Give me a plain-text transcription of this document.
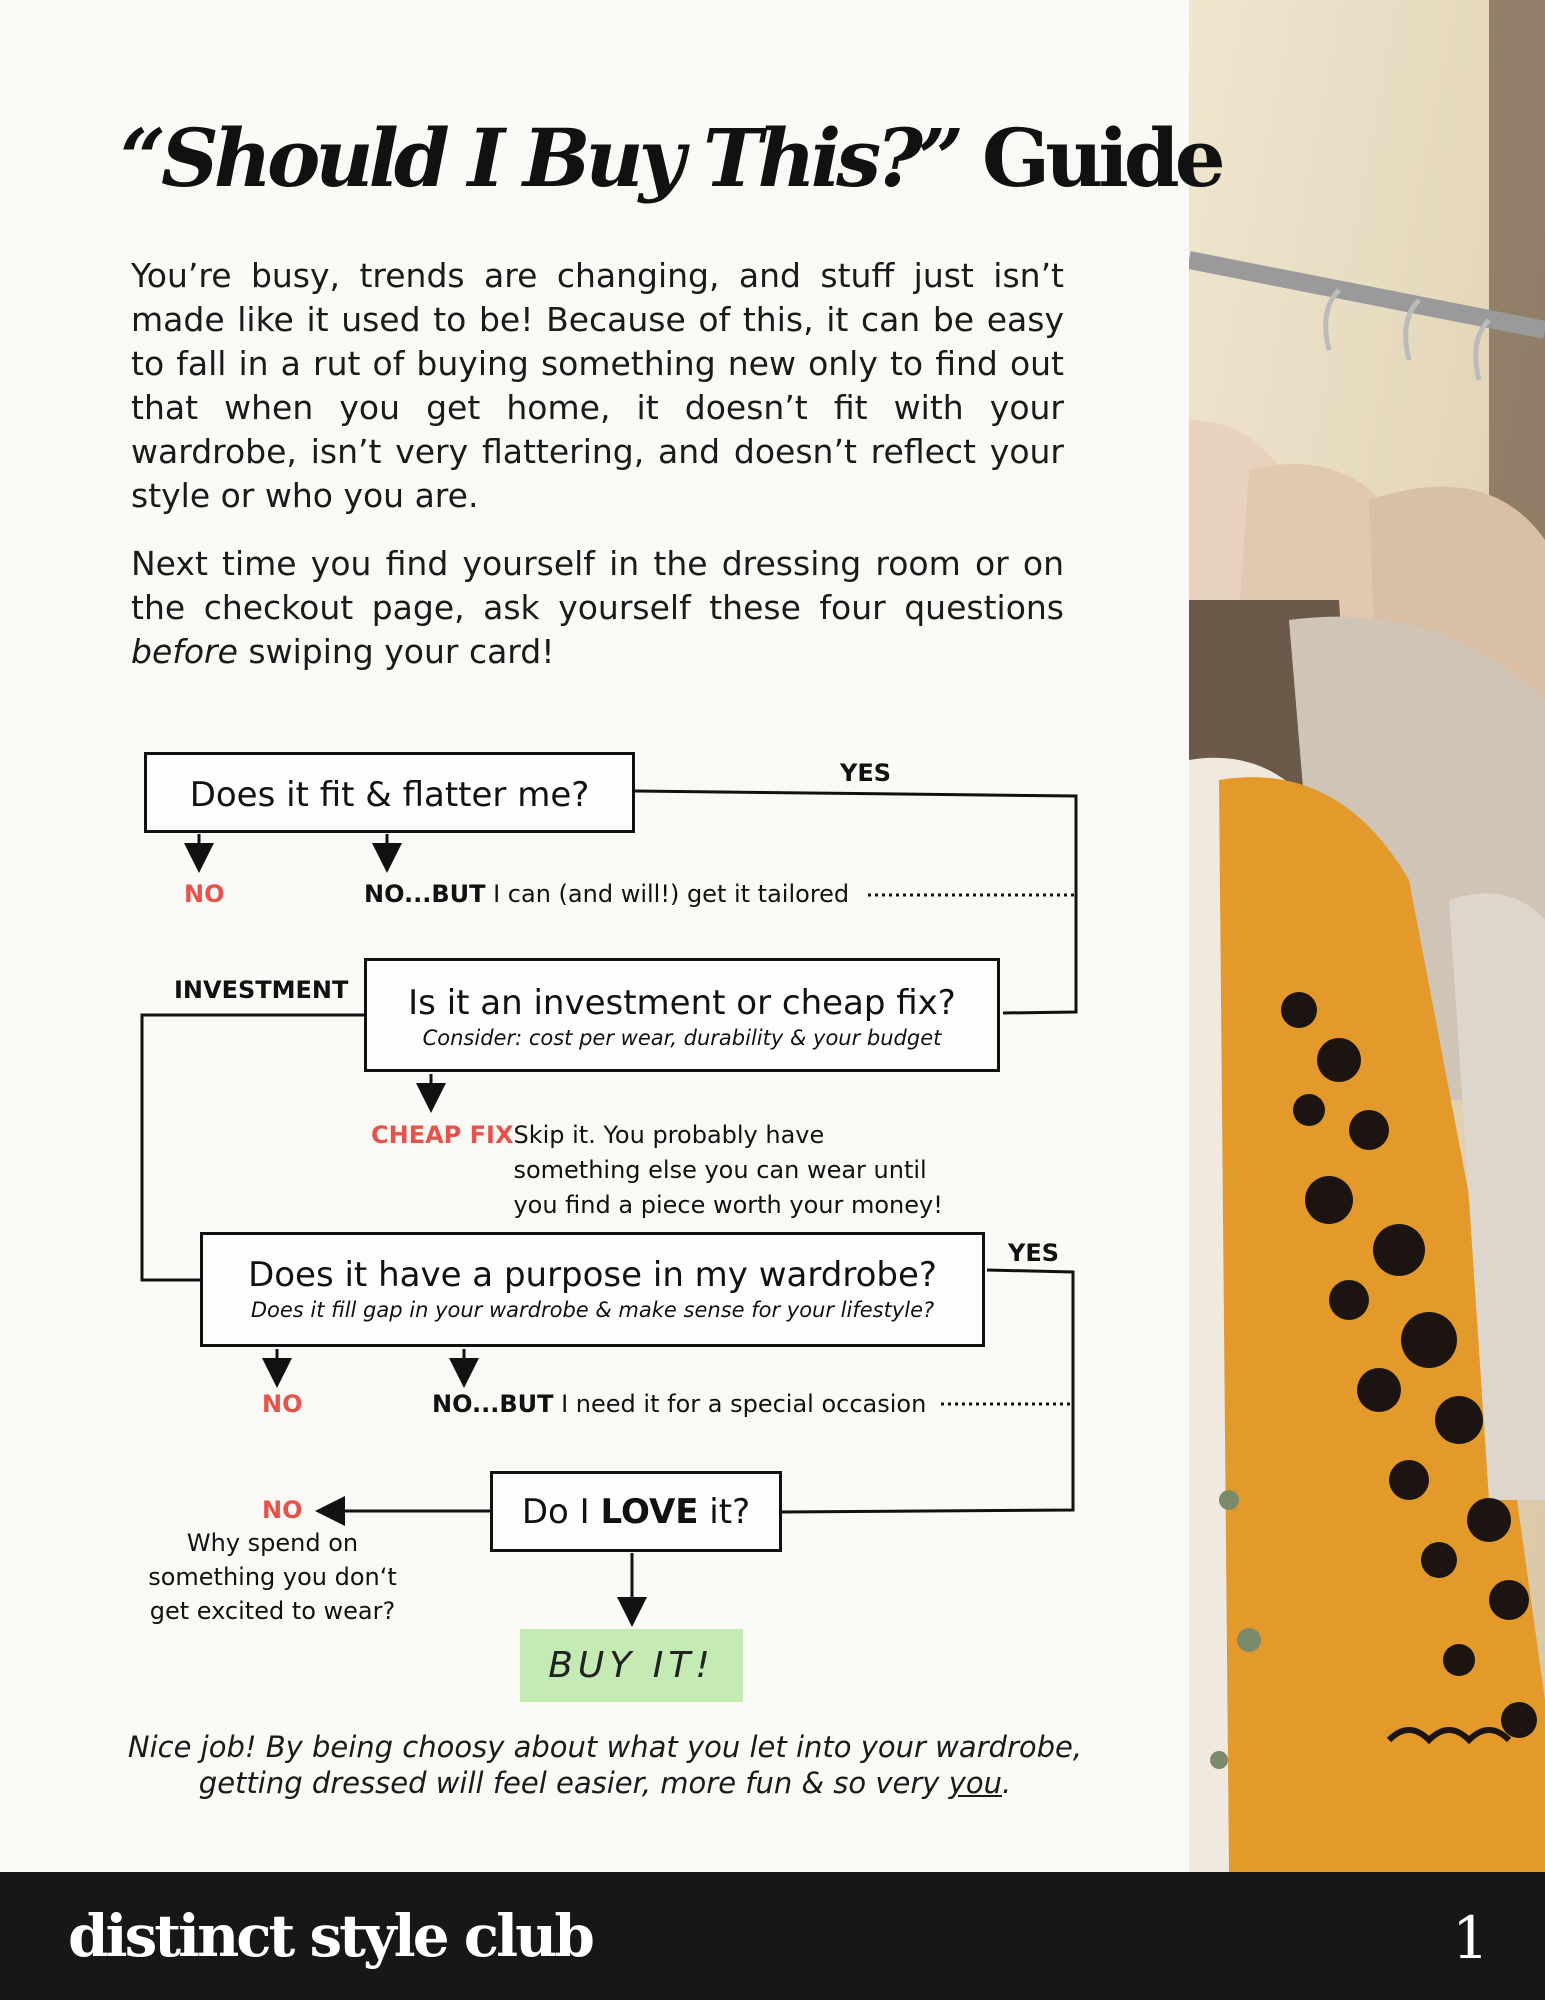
“Should I Buy This?” Guide

You’re busy, trends are changing, and stuff just isn’t made like it used to be! Because of this, it can be easy to fall in a rut of buying something new only to find out that when you get home, it doesn’t fit with your wardrobe, isn’t very flattering, and doesn’t reflect your style or who you are.

Next time you find yourself in the dressing room or on the checkout page, ask yourself these four questions before swiping your card!

Does it fit & flatter me?
YES
NO	NO...BUT I can (and will!) get it tailored
INVESTMENT	Is it an investment or cheap fix?
Consider: cost per wear, durability & your budget
CHEAP FIXSkip it. You probably have something else you can wear until you find a piece worth your money!
Does it have a purpose in my wardrobe?
Does it fill gap in your wardrobe & make sense for your lifestyle?
YES
NO	NO...BUT I need it for a special occasion
Do I LOVE it?
NO
Why spend on something you don‘t get excited to wear?
BUY IT!
Nice job! By being choosy about what you let into your wardrobe, getting dressed will feel easier, more fun & so very you.
distinct style club	1
